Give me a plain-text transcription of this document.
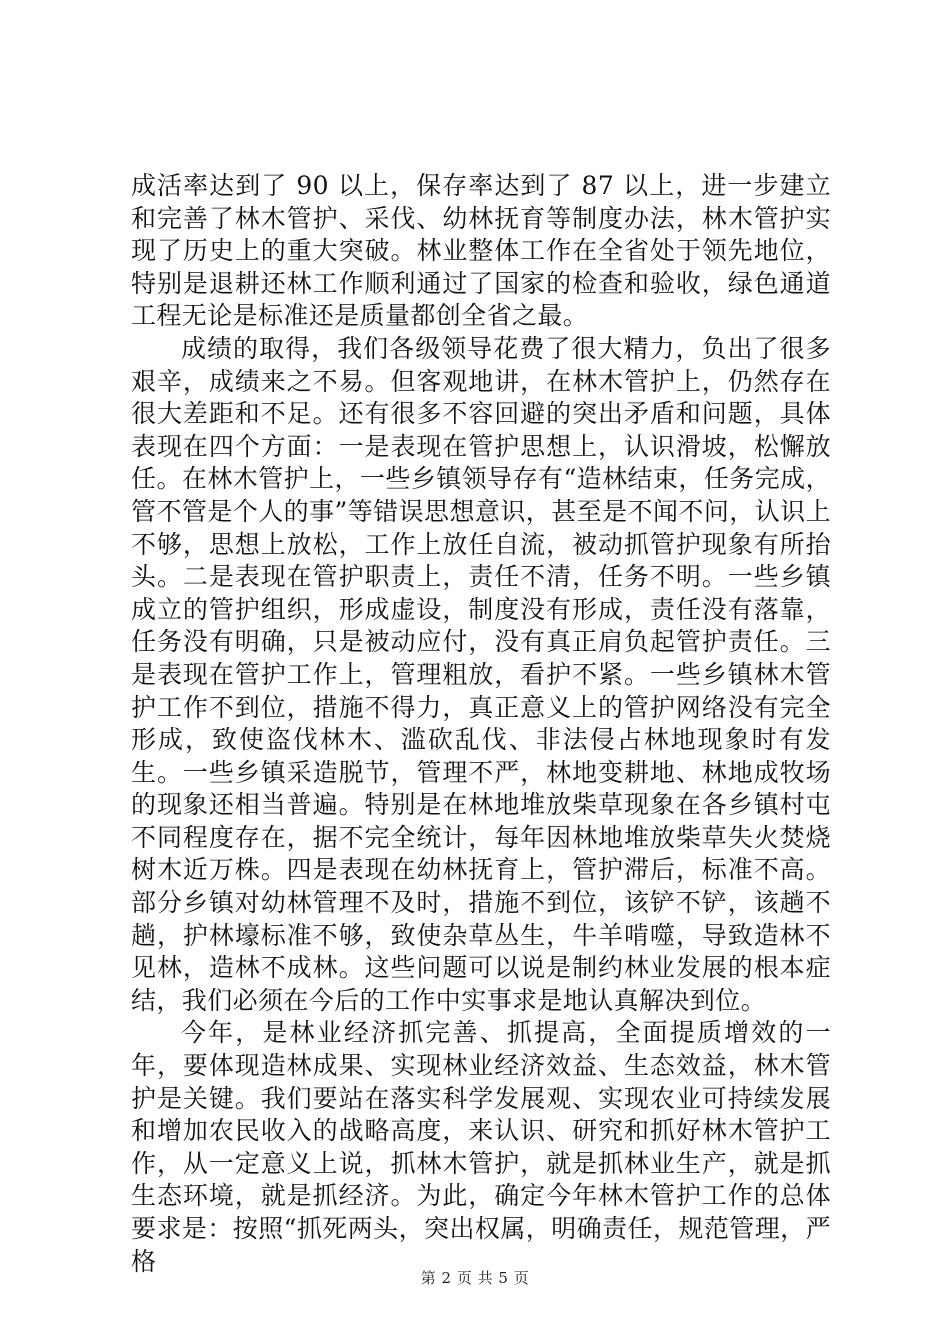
成活率达到了 90 以上，保存率达到了 87 以上，进一步建立和完善了林木管护、采伐、幼林抚育等制度办法，林木管护实现了历史上的重大突破。林业整体工作在全省处于领先地位，特别是退耕还林工作顺利通过了国家的检查和验收，绿色通道工程无论是标准还是质量都创全省之最。

成绩的取得，我们各级领导花费了很大精力，负出了很多艰辛，成绩来之不易。但客观地讲，在林木管护上，仍然存在很大差距和不足。还有很多不容回避的突出矛盾和问题，具体表现在四个方面：一是表现在管护思想上，认识滑坡，松懈放任。在林木管护上，一些乡镇领导存有“造林结束，任务完成，管不管是个人的事”等错误思想意识，甚至是不闻不问，认识上不够，思想上放松，工作上放任自流，被动抓管护现象有所抬头。二是表现在管护职责上，责任不清，任务不明。一些乡镇成立的管护组织，形成虚设，制度没有形成，责任没有落靠，任务没有明确，只是被动应付，没有真正肩负起管护责任。三是表现在管护工作上，管理粗放，看护不紧。一些乡镇林木管护工作不到位，措施不得力，真正意义上的管护网络没有完全形成，致使盗伐林木、滥砍乱伐、非法侵占林地现象时有发生。一些乡镇采造脱节，管理不严，林地变耕地、林地成牧场的现象还相当普遍。特别是在林地堆放柴草现象在各乡镇村屯不同程度存在，据不完全统计，每年因林地堆放柴草失火焚烧树木近万株。四是表现在幼林抚育上，管护滞后，标准不高。部分乡镇对幼林管理不及时，措施不到位，该铲不铲，该趟不趟，护林壕标准不够，致使杂草丛生，牛羊啃噬，导致造林不见林，造林不成林。这些问题可以说是制约林业发展的根本症结，我们必须在今后的工作中实事求是地认真解决到位。

今年，是林业经济抓完善、抓提高，全面提质增效的一年，要体现造林成果、实现林业经济效益、生态效益，林木管护是关键。我们要站在落实科学发展观、实现农业可持续发展和增加农民收入的战略高度，来认识、研究和抓好林木管护工作，从一定意义上说，抓林木管护，就是抓林业生产，就是抓生态环境，就是抓经济。为此，确定今年林木管护工作的总体要求是：按照“抓死两头，突出权属，明确责任，规范管理，严格

第 2 页 共 5 页
